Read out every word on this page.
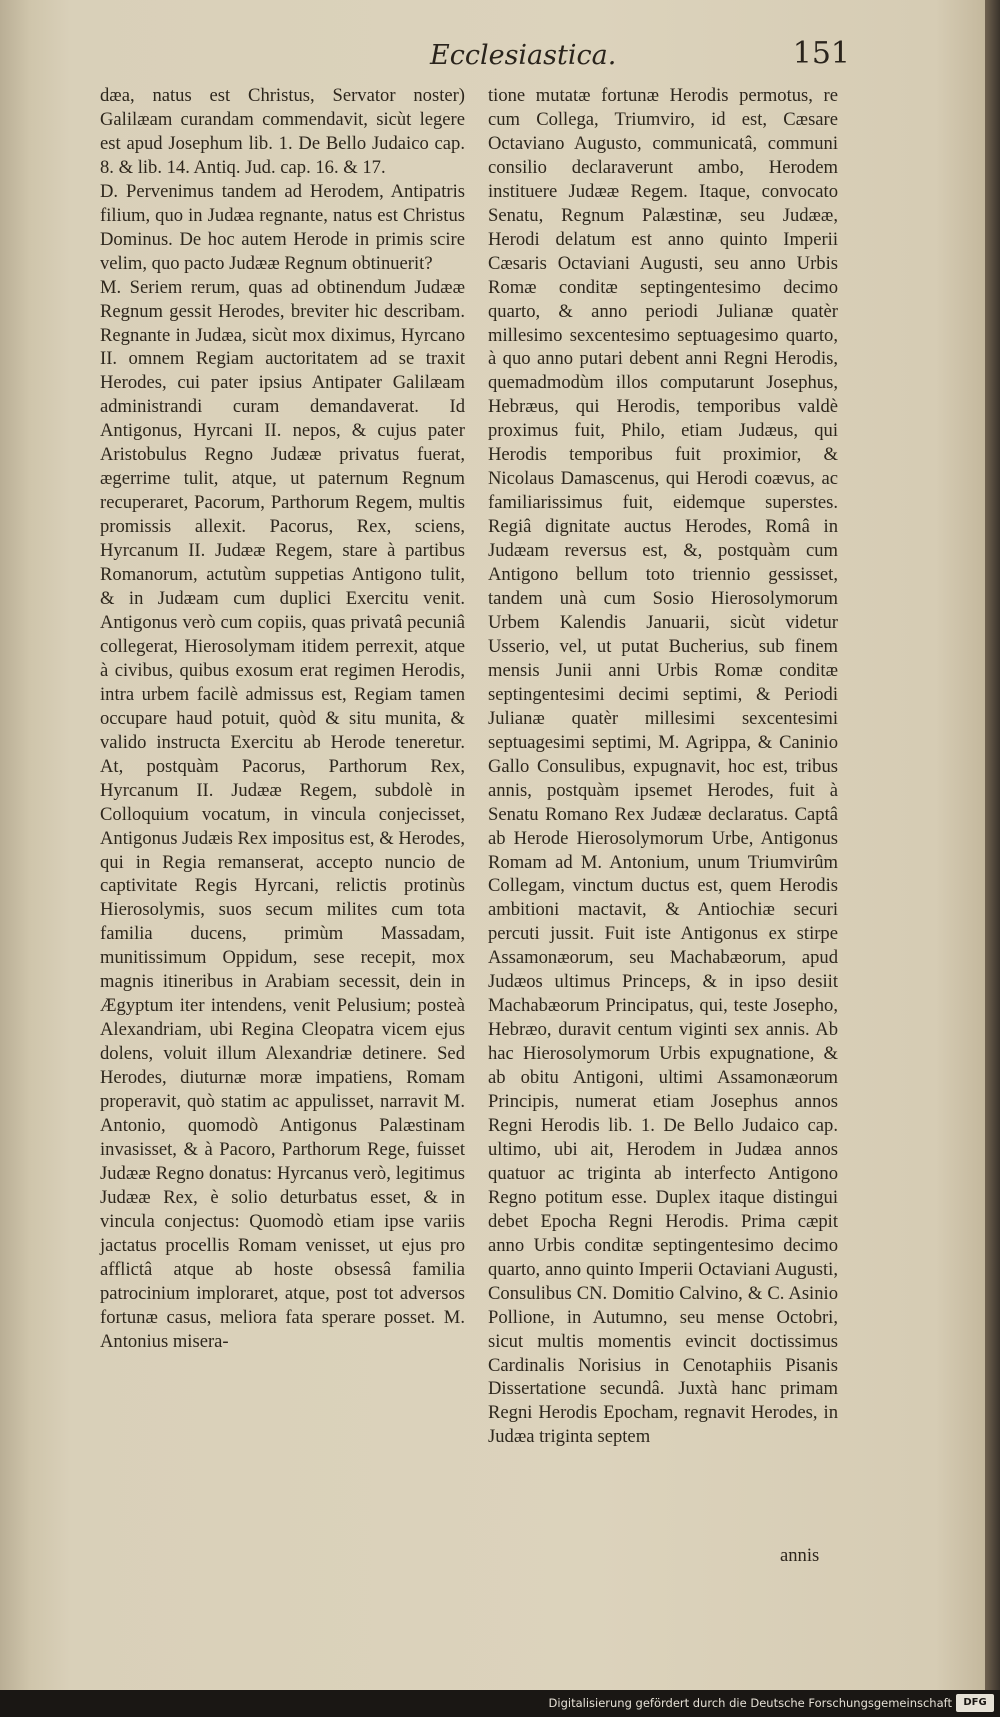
Ecclesiastica.	151

dæa, natus est Christus, Servator noster) Galilæam curandam commendavit, sicùt legere est apud Josephum lib. 1. De Bello Judaico cap. 8. & lib. 14. Antiq. Jud. cap. 16. & 17.

D. Pervenimus tandem ad Herodem, Antipatris filium, quo in Judæa regnante, natus est Christus Dominus. De hoc autem Herode in primis scire velim, quo pacto Judææ Regnum obtinuerit?

M. Seriem rerum, quas ad obtinendum Judææ Regnum gessit Herodes, breviter hic describam. Regnante in Judæa, sicùt mox diximus, Hyrcano II. omnem Regiam auctoritatem ad se traxit Herodes, cui pater ipsius Antipater Galilæam administrandi curam demandaverat. Id Antigonus, Hyrcani II. nepos, & cujus pater Aristobulus Regno Judææ privatus fuerat, ægerrime tulit, atque, ut paternum Regnum recuperaret, Pacorum, Parthorum Regem, multis promissis allexit. Pacorus, Rex, sciens, Hyrcanum II. Judææ Regem, stare à partibus Romanorum, actutùm suppetias Antigono tulit, & in Judæam cum duplici Exercitu venit. Antigonus verò cum copiis, quas privatâ pecuniâ collegerat, Hierosolymam itidem perrexit, atque à civibus, quibus exosum erat regimen Herodis, intra urbem facilè admissus est, Regiam tamen occupare haud potuit, quòd & situ munita, & valido instructa Exercitu ab Herode teneretur. At, postquàm Pacorus, Parthorum Rex, Hyrcanum II. Judææ Regem, subdolè in Colloquium vocatum, in vincula conjecisset, Antigonus Judæis Rex impositus est, & Herodes, qui in Regia remanserat, accepto nuncio de captivitate Regis Hyrcani, relictis protinùs Hierosolymis, suos secum milites cum tota familia ducens, primùm Massadam, munitissimum Oppidum, sese recepit, mox magnis itineribus in Arabiam secessit, dein in Ægyptum iter intendens, venit Pelusium; posteà Alexandriam, ubi Regina Cleopatra vicem ejus dolens, voluit illum Alexandriæ detinere. Sed Herodes, diuturnæ moræ impatiens, Romam properavit, quò statim ac appulisset, narravit M. Antonio, quomodò Antigonus Palæstinam invasisset, & à Pacoro, Parthorum Rege, fuisset Judææ Regno donatus: Hyrcanus verò, legitimus Judææ Rex, è solio deturbatus esset, & in vincula conjectus: Quomodò etiam ipse variis jactatus procellis Romam venisset, ut ejus pro afflictâ atque ab hoste obsessâ familia patrocinium imploraret, atque, post tot adversos fortunæ casus, meliora fata sperare posset. M. Antonius misera-

tione mutatæ fortunæ Herodis permotus, re cum Collega, Triumviro, id est, Cæsare Octaviano Augusto, communicatâ, communi consilio declaraverunt ambo, Herodem instituere Judææ Regem. Itaque, convocato Senatu, Regnum Palæstinæ, seu Judææ, Herodi delatum est anno quinto Imperii Cæsaris Octaviani Augusti, seu anno Urbis Romæ conditæ septingentesimo decimo quarto, & anno periodi Julianæ quatèr millesimo sexcentesimo septuagesimo quarto, à quo anno putari debent anni Regni Herodis, quemadmodùm illos computarunt Josephus, Hebræus, qui Herodis, temporibus valdè proximus fuit, Philo, etiam Judæus, qui Herodis temporibus fuit proximior, & Nicolaus Damascenus, qui Herodi coævus, ac familiarissimus fuit, eidemque superstes. Regiâ dignitate auctus Herodes, Româ in Judæam reversus est, &, postquàm cum Antigono bellum toto triennio gessisset, tandem unà cum Sosio Hierosolymorum Urbem Kalendis Januarii, sicùt videtur Usserio, vel, ut putat Bucherius, sub finem mensis Junii anni Urbis Romæ conditæ septingentesimi decimi septimi, & Periodi Julianæ quatèr millesimi sexcentesimi septuagesimi septimi, M. Agrippa, & Caninio Gallo Consulibus, expugnavit, hoc est, tribus annis, postquàm ipsemet Herodes, fuit à Senatu Romano Rex Judææ declaratus. Captâ ab Herode Hierosolymorum Urbe, Antigonus Romam ad M. Antonium, unum Triumvirûm Collegam, vinctum ductus est, quem Herodis ambitioni mactavit, & Antiochiæ securi percuti jussit. Fuit iste Antigonus ex stirpe Assamonæorum, seu Machabæorum, apud Judæos ultimus Princeps, & in ipso desiit Machabæorum Principatus, qui, teste Josepho, Hebræo, duravit centum viginti sex annis. Ab hac Hierosolymorum Urbis expugnatione, & ab obitu Antigoni, ultimi Assamonæorum Principis, numerat etiam Josephus annos Regni Herodis lib. 1. De Bello Judaico cap. ultimo, ubi ait, Herodem in Judæa annos quatuor ac triginta ab interfecto Antigono Regno potitum esse. Duplex itaque distingui debet Epocha Regni Herodis. Prima cæpit anno Urbis conditæ septingentesimo decimo quarto, anno quinto Imperii Octaviani Augusti, Consulibus CN. Domitio Calvino, & C. Asinio Pollione, in Autumno, seu mense Octobri, sicut multis momentis evincit doctissimus Cardinalis Norisius in Cenotaphiis Pisanis Dissertatione secundâ. Juxtà hanc primam Regni Herodis Epocham, regnavit Herodes, in Judæa triginta septem

annis
Digitalisierung gefördert durch die Deutsche Forschungsgemeinschaft	DFG
